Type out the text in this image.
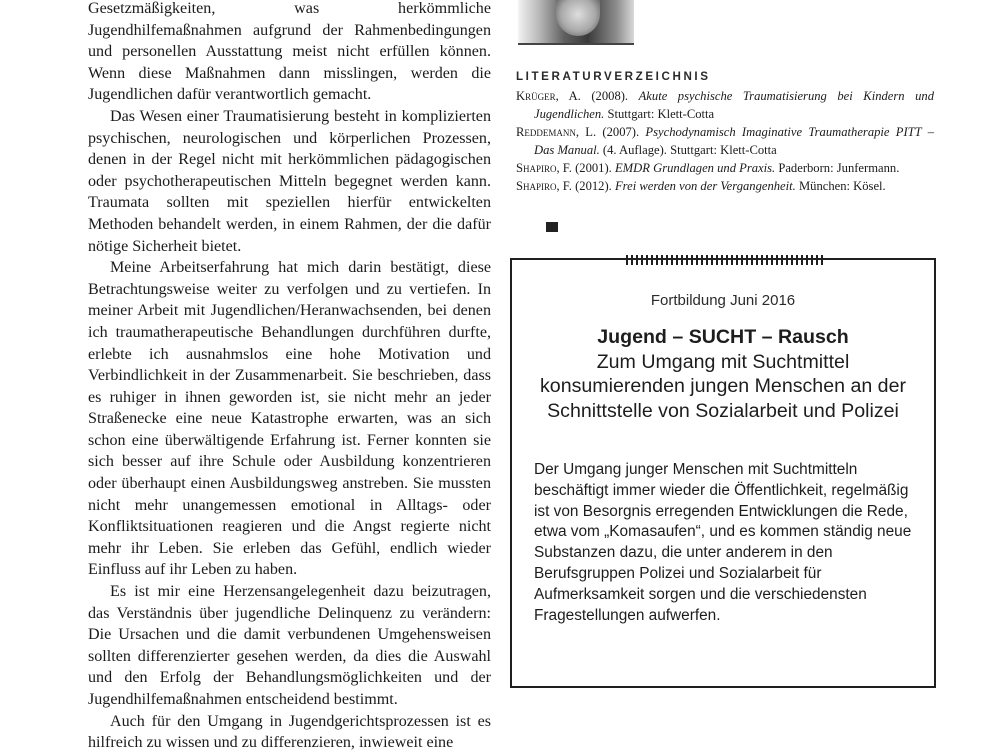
Gesetzmäßigkeiten, was herkömmliche Jugendhilfemaßnahmen aufgrund der Rahmenbedingungen und personellen Ausstattung meist nicht erfüllen können. Wenn diese Maßnahmen dann misslingen, werden die Jugendlichen dafür verantwortlich gemacht.

Das Wesen einer Traumatisierung besteht in komplizierten psychischen, neurologischen und körperlichen Prozessen, denen in der Regel nicht mit herkömmlichen pädagogischen oder psychotherapeutischen Mitteln begegnet werden kann. Traumata sollten mit speziellen hierfür entwickelten Methoden behandelt werden, in einem Rahmen, der die dafür nötige Sicherheit bietet.

Meine Arbeitserfahrung hat mich darin bestätigt, diese Betrachtungsweise weiter zu verfolgen und zu vertiefen. In meiner Arbeit mit Jugendlichen/Heranwachsenden, bei denen ich traumatherapeutische Behandlungen durchführen durfte, erlebte ich ausnahmslos eine hohe Motivation und Verbindlichkeit in der Zusammenarbeit. Sie beschrieben, dass es ruhiger in ihnen geworden ist, sie nicht mehr an jeder Straßenecke eine neue Katastrophe erwarten, was an sich schon eine überwältigende Erfahrung ist. Ferner konnten sie sich besser auf ihre Schule oder Ausbildung konzentrieren oder überhaupt einen Ausbildungsweg anstreben. Sie mussten nicht mehr unangemessen emotional in Alltags- oder Konfliktsituationen reagieren und die Angst regierte nicht mehr ihr Leben. Sie erleben das Gefühl, endlich wieder Einfluss auf ihr Leben zu haben.

Es ist mir eine Herzensangelegenheit dazu beizutragen, das Verständnis über jugendliche Delinquenz zu verändern: Die Ursachen und die damit verbundenen Umgehensweisen sollten differenzierter gesehen werden, da dies die Auswahl und den Erfolg der Behandlungsmöglichkeiten und der Jugendhilfemaßnahmen entscheidend bestimmt.

Auch für den Umgang in Jugendgerichtsprozessen ist es hilfreich zu wissen und zu differenzieren, inwieweit eine

LITERATURVERZEICHNIS

Krüger, A. (2008). Akute psychische Traumatisierung bei Kindern und Jugendlichen. Stuttgart: Klett-Cotta

Reddemann, L. (2007). Psychodynamisch Imaginative Traumatherapie PITT – Das Manual. (4. Auflage). Stuttgart: Klett-Cotta

Shapiro, F. (2001). EMDR Grundlagen und Praxis. Paderborn: Junfermann.

Shapiro, F. (2012). Frei werden von der Vergangenheit. München: Kösel.

Fortbildung Juni 2016
Jugend – SUCHT – Rausch
Zum Umgang mit Suchtmittel konsumierenden jungen Menschen an der Schnittstelle von Sozialarbeit und Polizei
Der Umgang junger Menschen mit Suchtmitteln beschäftigt immer wieder die Öffentlichkeit, regelmäßig ist von Besorgnis erregenden Entwicklungen die Rede, etwa vom „Komasaufen“, und es kommen ständig neue Substanzen dazu, die unter anderem in den Berufsgruppen Polizei und Sozialarbeit für Aufmerksamkeit sorgen und die verschiedensten Fragestellungen aufwerfen.
